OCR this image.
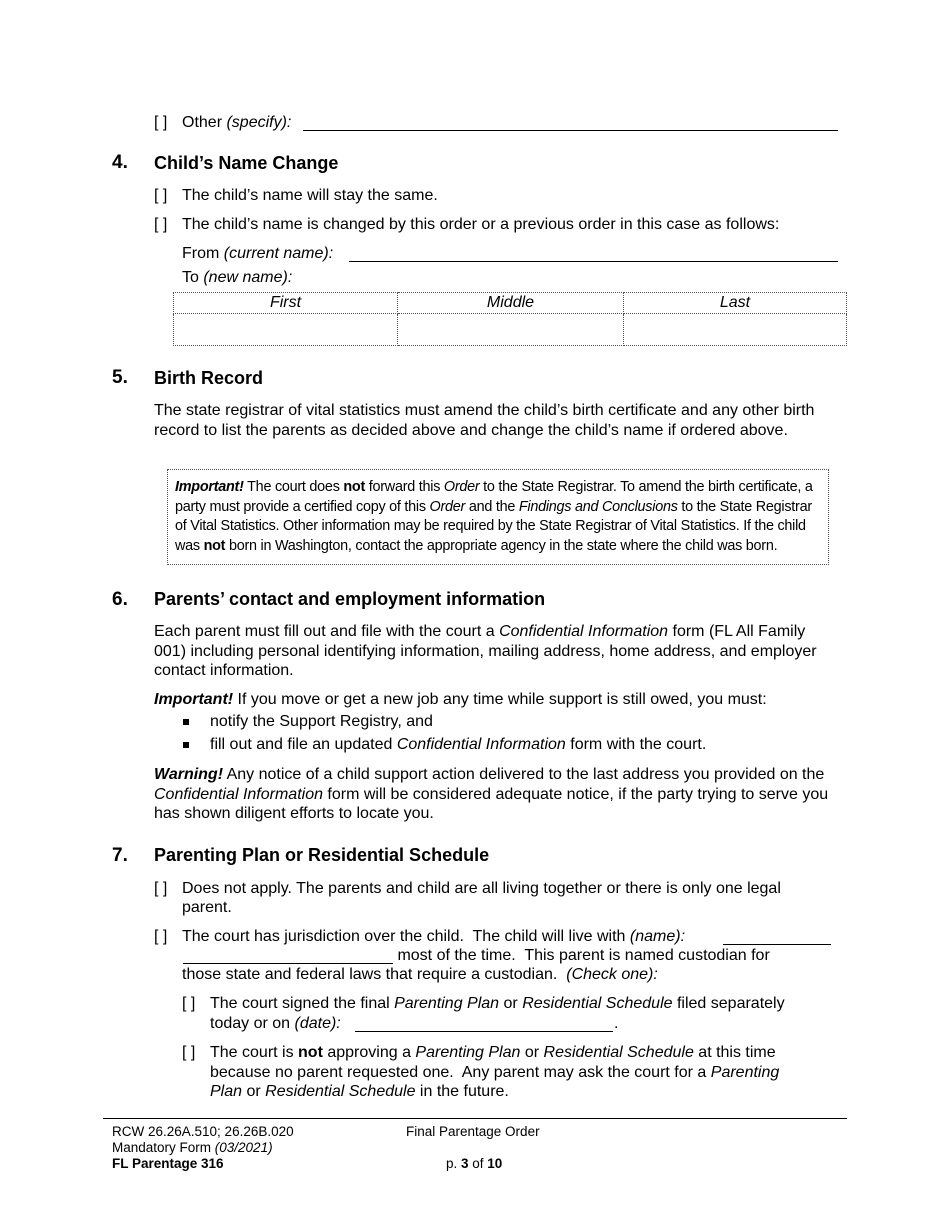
[ ] Other (specify):
4. Child’s Name Change
[ ] The child’s name will stay the same.
[ ] The child’s name is changed by this order or a previous order in this case as follows:
From (current name):
To (new name):
First	Middle	Last

5. Birth Record
The state registrar of vital statistics must amend the child’s birth certificate and any other birth record to list the parents as decided above and change the child’s name if ordered above.
Important! The court does not forward this Order to the State Registrar. To amend the birth certificate, a party must provide a certified copy of this Order and the Findings and Conclusions to the State Registrar of Vital Statistics. Other information may be required by the State Registrar of Vital Statistics. If the child was not born in Washington, contact the appropriate agency in the state where the child was born.
6. Parents’ contact and employment information
Each parent must fill out and file with the court a Confidential Information form (FL All Family 001) including personal identifying information, mailing address, home address, and employer contact information.
Important! If you move or get a new job any time while support is still owed, you must:
notify the Support Registry, and
fill out and file an updated Confidential Information form with the court.
Warning! Any notice of a child support action delivered to the last address you provided on the Confidential Information form will be considered adequate notice, if the party trying to serve you has shown diligent efforts to locate you.
7. Parenting Plan or Residential Schedule
[ ] Does not apply. The parents and child are all living together or there is only one legal
parent.
[ ] The court has jurisdiction over the child.  The child will live with (name):
most of the time.  This parent is named custodian for
those state and federal laws that require a custodian.  (Check one):
[ ] The court signed the final Parenting Plan or Residential Schedule filed separately
today or on (date):	.
[ ] The court is not approving a Parenting Plan or Residential Schedule at this time
because no parent requested one.  Any parent may ask the court for a Parenting
Plan or Residential Schedule in the future.
RCW 26.26A.510; 26.26B.020
Mandatory Form (03/2021)
FL Parentage 316
Final Parentage Order
p. 3 of 10
